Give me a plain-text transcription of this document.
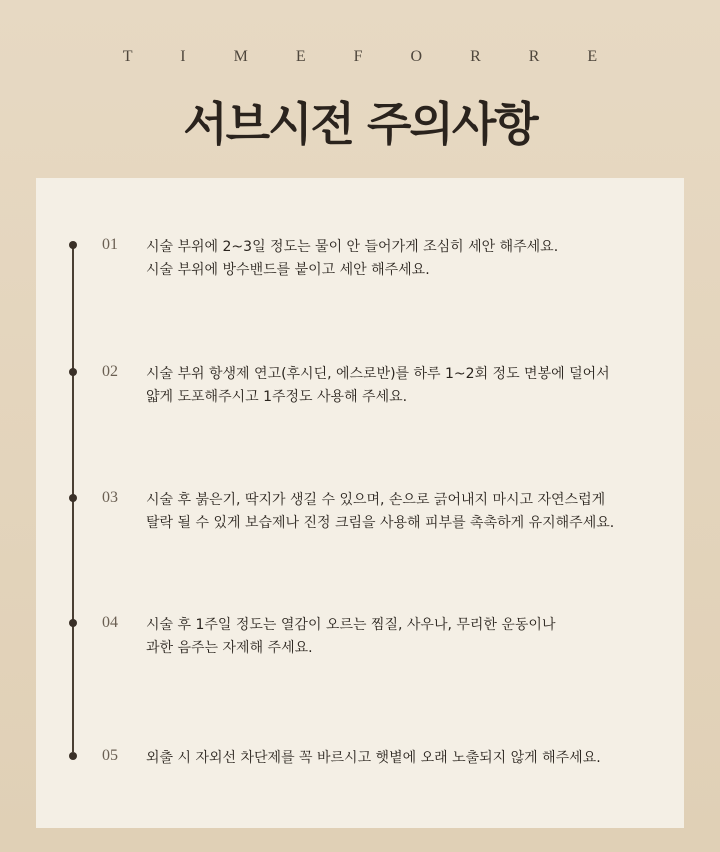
T I M E F O R R E
서브시전 주의사항
01 시술 부위에 2~3일 정도는 물이 안 들어가게 조심히 세안 해주세요.
시술 부위에 방수밴드를 붙이고 세안 해주세요.
02 시술 부위 항생제 연고(후시딘, 에스로반)를 하루 1~2회 정도 면봉에 덜어서
얇게 도포해주시고 1주정도 사용해 주세요.
03 시술 후 붉은기, 딱지가 생길 수 있으며, 손으로 긁어내지 마시고 자연스럽게
탈락 될 수 있게 보습제나 진정 크림을 사용해 피부를 촉촉하게 유지해주세요.
04 시술 후 1주일 정도는 열감이 오르는 찜질, 사우나, 무리한 운동이나
과한 음주는 자제해 주세요.
05 외출 시 자외선 차단제를 꼭 바르시고 햇볕에 오래 노출되지 않게 해주세요.
